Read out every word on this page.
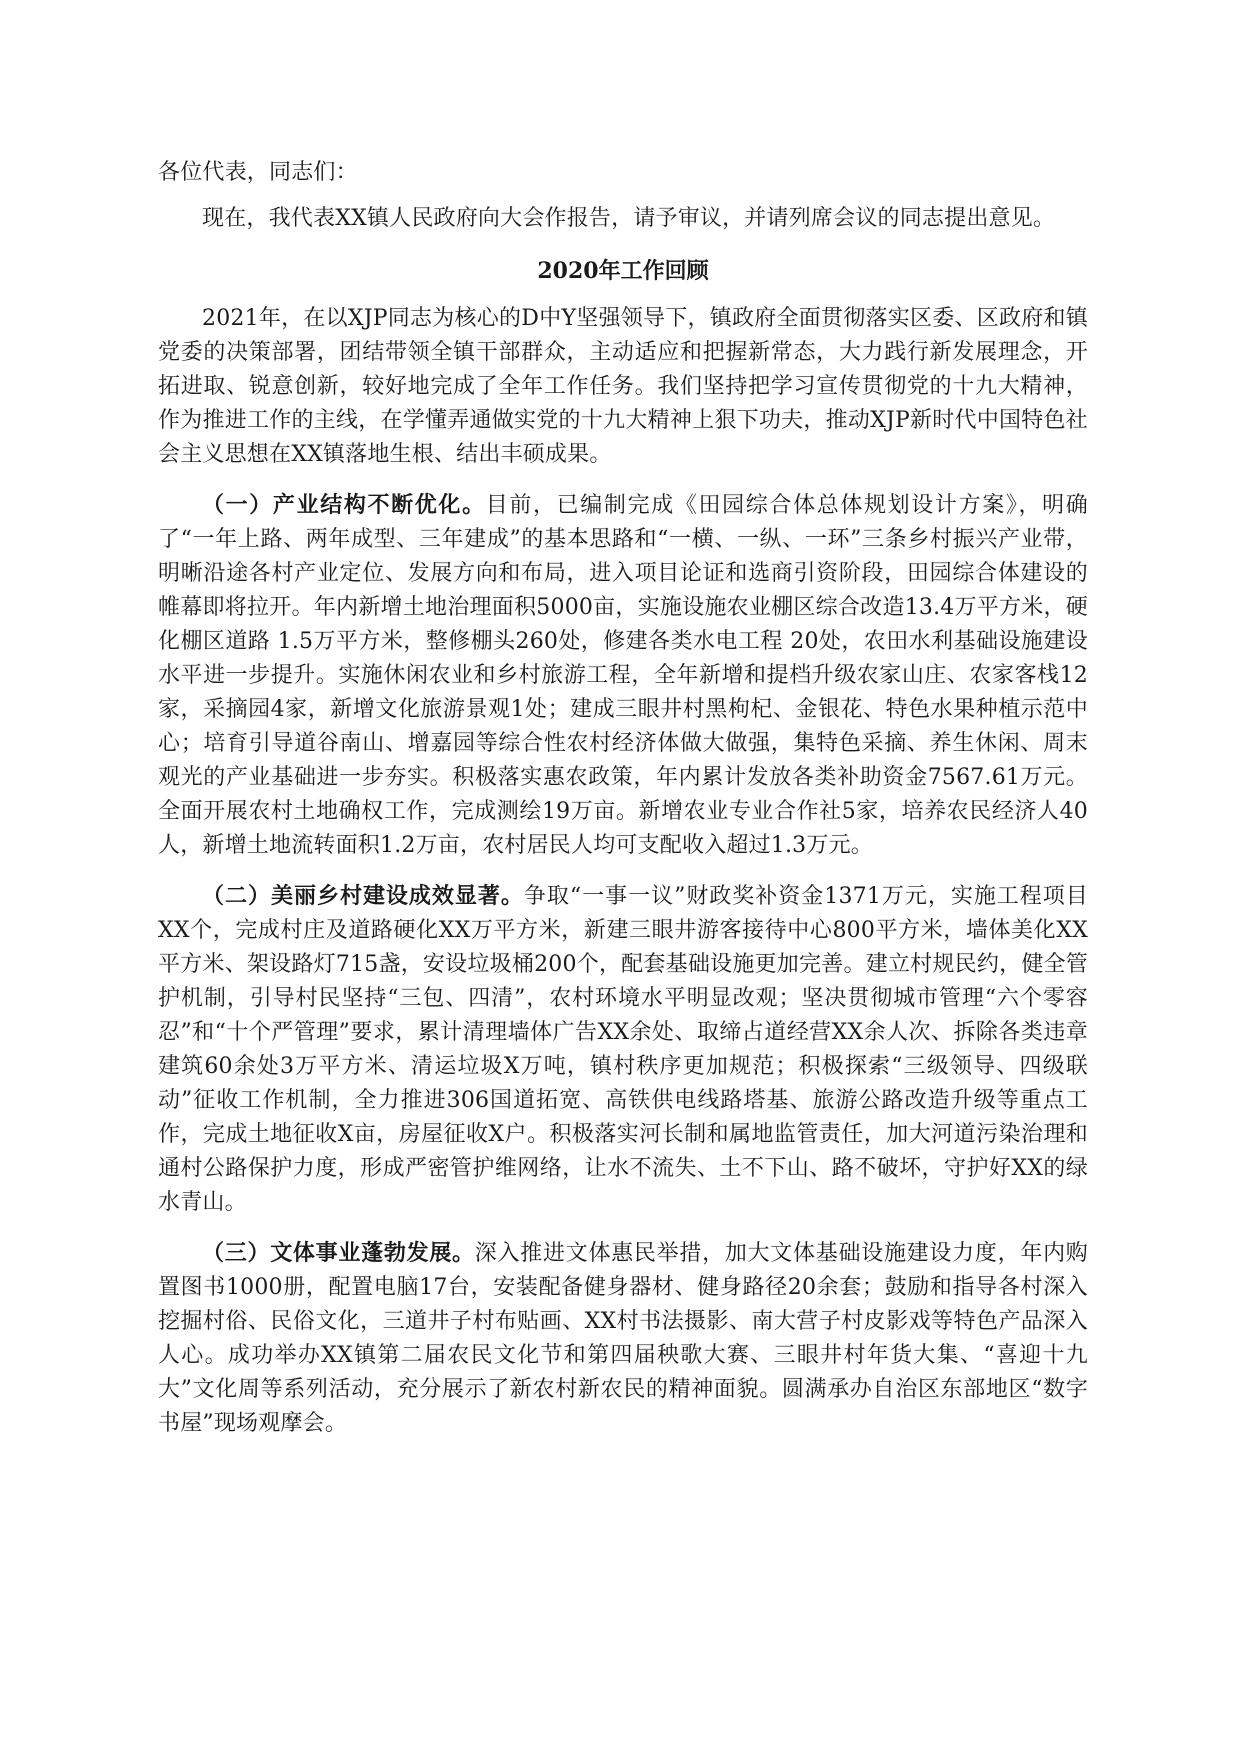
各位代表，同志们：

现在，我代表XX镇人民政府向大会作报告，请予审议，并请列席会议的同志提出意见。

2020年工作回顾

2021年，在以XJP同志为核心的D中Y坚强领导下，镇政府全面贯彻落实区委、区政府和镇党委的决策部署，团结带领全镇干部群众，主动适应和把握新常态，大力践行新发展理念，开拓进取、锐意创新，较好地完成了全年工作任务。我们坚持把学习宣传贯彻党的十九大精神，作为推进工作的主线，在学懂弄通做实党的十九大精神上狠下功夫，推动XJP新时代中国特色社会主义思想在XX镇落地生根、结出丰硕成果。

（一）产业结构不断优化。目前，已编制完成《田园综合体总体规划设计方案》，明确了“一年上路、两年成型、三年建成”的基本思路和“一横、一纵、一环”三条乡村振兴产业带，明晰沿途各村产业定位、发展方向和布局，进入项目论证和选商引资阶段，田园综合体建设的帷幕即将拉开。年内新增土地治理面积5000亩，实施设施农业棚区综合改造13.4万平方米，硬化棚区道路 1.5万平方米，整修棚头260处，修建各类水电工程 20处，农田水利基础设施建设水平进一步提升。实施休闲农业和乡村旅游工程，全年新增和提档升级农家山庄、农家客栈12家，采摘园4家，新增文化旅游景观1处；建成三眼井村黑枸杞、金银花、特色水果种植示范中心；培育引导道谷南山、增嘉园等综合性农村经济体做大做强，集特色采摘、养生休闲、周末观光的产业基础进一步夯实。积极落实惠农政策，年内累计发放各类补助资金7567.61万元。全面开展农村土地确权工作，完成测绘19万亩。新增农业专业合作社5家，培养农民经济人40人，新增土地流转面积1.2万亩，农村居民人均可支配收入超过1.3万元。

（二）美丽乡村建设成效显著。争取“一事一议”财政奖补资金1371万元，实施工程项目XX个，完成村庄及道路硬化XX万平方米，新建三眼井游客接待中心800平方米，墙体美化XX平方米、架设路灯715盏，安设垃圾桶200个，配套基础设施更加完善。建立村规民约，健全管护机制，引导村民坚持“三包、四清”，农村环境水平明显改观；坚决贯彻城市管理“六个零容忍”和“十个严管理”要求，累计清理墙体广告XX余处、取缔占道经营XX余人次、拆除各类违章建筑60余处3万平方米、清运垃圾X万吨，镇村秩序更加规范；积极探索“三级领导、四级联动”征收工作机制，全力推进306国道拓宽、高铁供电线路塔基、旅游公路改造升级等重点工作，完成土地征收X亩，房屋征收X户。积极落实河长制和属地监管责任，加大河道污染治理和通村公路保护力度，形成严密管护维网络，让水不流失、土不下山、路不破坏，守护好XX的绿水青山。

（三）文体事业蓬勃发展。深入推进文体惠民举措，加大文体基础设施建设力度，年内购置图书1000册，配置电脑17台，安装配备健身器材、健身路径20余套；鼓励和指导各村深入挖掘村俗、民俗文化，三道井子村布贴画、XX村书法摄影、南大营子村皮影戏等特色产品深入人心。成功举办XX镇第二届农民文化节和第四届秧歌大赛、三眼井村年货大集、“喜迎十九大”文化周等系列活动，充分展示了新农村新农民的精神面貌。圆满承办自治区东部地区“数字书屋”现场观摩会。
